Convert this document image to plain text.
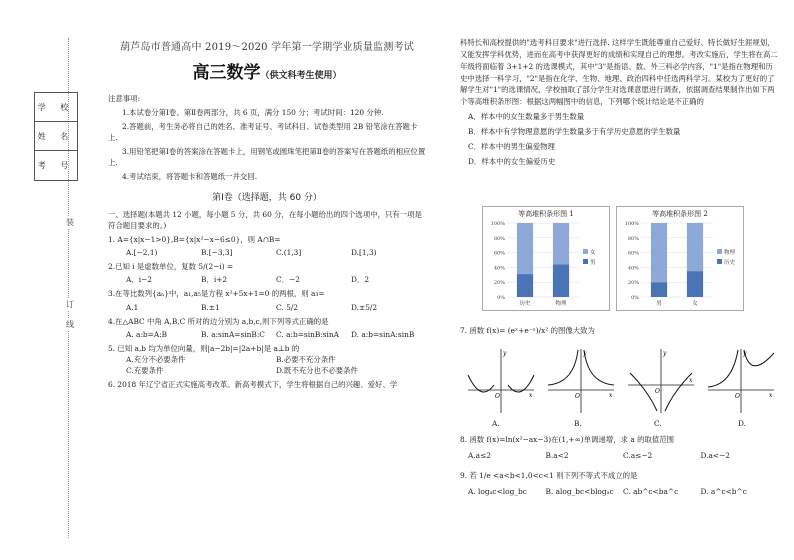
装
订
线
学 校
姓 名
考 号
葫芦岛市普通高中 2019～2020 学年第一学期学业质量监测考试
高三数学（供文科考生使用）
注意事项:

1.本试卷分第Ⅰ卷、第Ⅱ卷两部分，共 6 页，满分 150 分；考试时间：120 分钟.

2.答题前，考生务必将自己的姓名、准考证号、考试科目、试卷类型用 2B 铅笔涂在答题卡上.

3.用铅笔把第Ⅰ卷的答案涂在答题卡上，用钢笔或圆珠笔把第Ⅱ卷的答案写在答题纸的相应位置上.

4.考试结束，将答题卡和答题纸一并交回.

第Ⅰ卷（选择题，共 60 分）
一、选择题(本题共 12 小题，每小题 5 分，共 60 分，在每小题给出的四个选项中，只有一项是符合题目要求的。)
1. A={x|x−1>0},B={x|x²−x−6≤0}，则 A∩B=
A.[−2,1)	B.[−3,3]	C.(1,3]	D.[1,3)
2.已知 i 是虚数单位，复数 5/(2−i) =
A．i−2	B．i+2	C．−2	D．2
3.在等比数列{aₙ}中，a₁,a₅是方程 x²+5x+1=0 的两根，则 a₃=
A.1	B.±1	C. 5/2	D.±5/2
4.在△ABC 中角 A,B,C 所对的边分别为 a,b,c,则下列等式正确的是
A. a:b=A:B	B. a:sinA=sinB:C	C. a:b=sinB:sinA	D. a:b=sinA:sinB
5. 已知 a,b 均为单位向量，则|a−2b|=|2a+b|是 a⊥b 的
A.充分不必要条件	B.必要不充分条件
C.充要条件	D.既不充分也不必要条件
6. 2018 年辽宁省正式实施高考改革。新高考模式下，学生将根据自己的兴趣、爱好、学

科特长和高校提供的"选考科目要求"进行选择. 这样学生既能尊重自己爱好、特长做好生涯规划，又能发挥学科优势，进而在高考中获得更好的成绩和实现自己的理想。考改实施后，学生将在高二年级将面临着 3+1+2 的选课模式，其中"3"是指语、数、外三科必学内容，"1"是指在物理和历史中选择一科学习，"2"是指在化学、生物、地理、政治四科中任选两科学习。某校为了更好的了解学生对"1"的选课情况，学校抽取了部分学生对选课意愿进行调查，依据调查结果制作出如下两个等高堆积条形图：根据这两幅图中的信息，下列哪个统计结论是不正确的

A．样本中的女生数量多于男生数量
B．样本中有学物理意愿的学生数量多于有学历史意愿的学生数量
C．样本中的男生偏爱物理
D．样本中的女生偏爱历史
等高堆积条形图 1
0%
20%
40%
60%
80%
100%
历史	物理
女
男
等高堆积条形图 2
0%
20%
40%
60%
80%
100%
男	女
物理
历史
7. 函数 f(x)= (eˣ+e⁻ˣ)/x² 的图像大致为
y
x
O
y
x
O
y
x
O
y
x
O
A.	B.	C.	D.
8. 函数 f(x)=ln(x²−ax−3)在(1,+∞)单调递增，求 a 的取值范围
A.a≤2	B.a<2	C.a≤−2	D.a<−2
9. 若 1/e <a<b<1,0<c<1 则下列不等式不成立的是
A. logₐc<log_bc	B. alog_bc<blogₐc	C. ab^c<ba^c	D. a^c<b^c
